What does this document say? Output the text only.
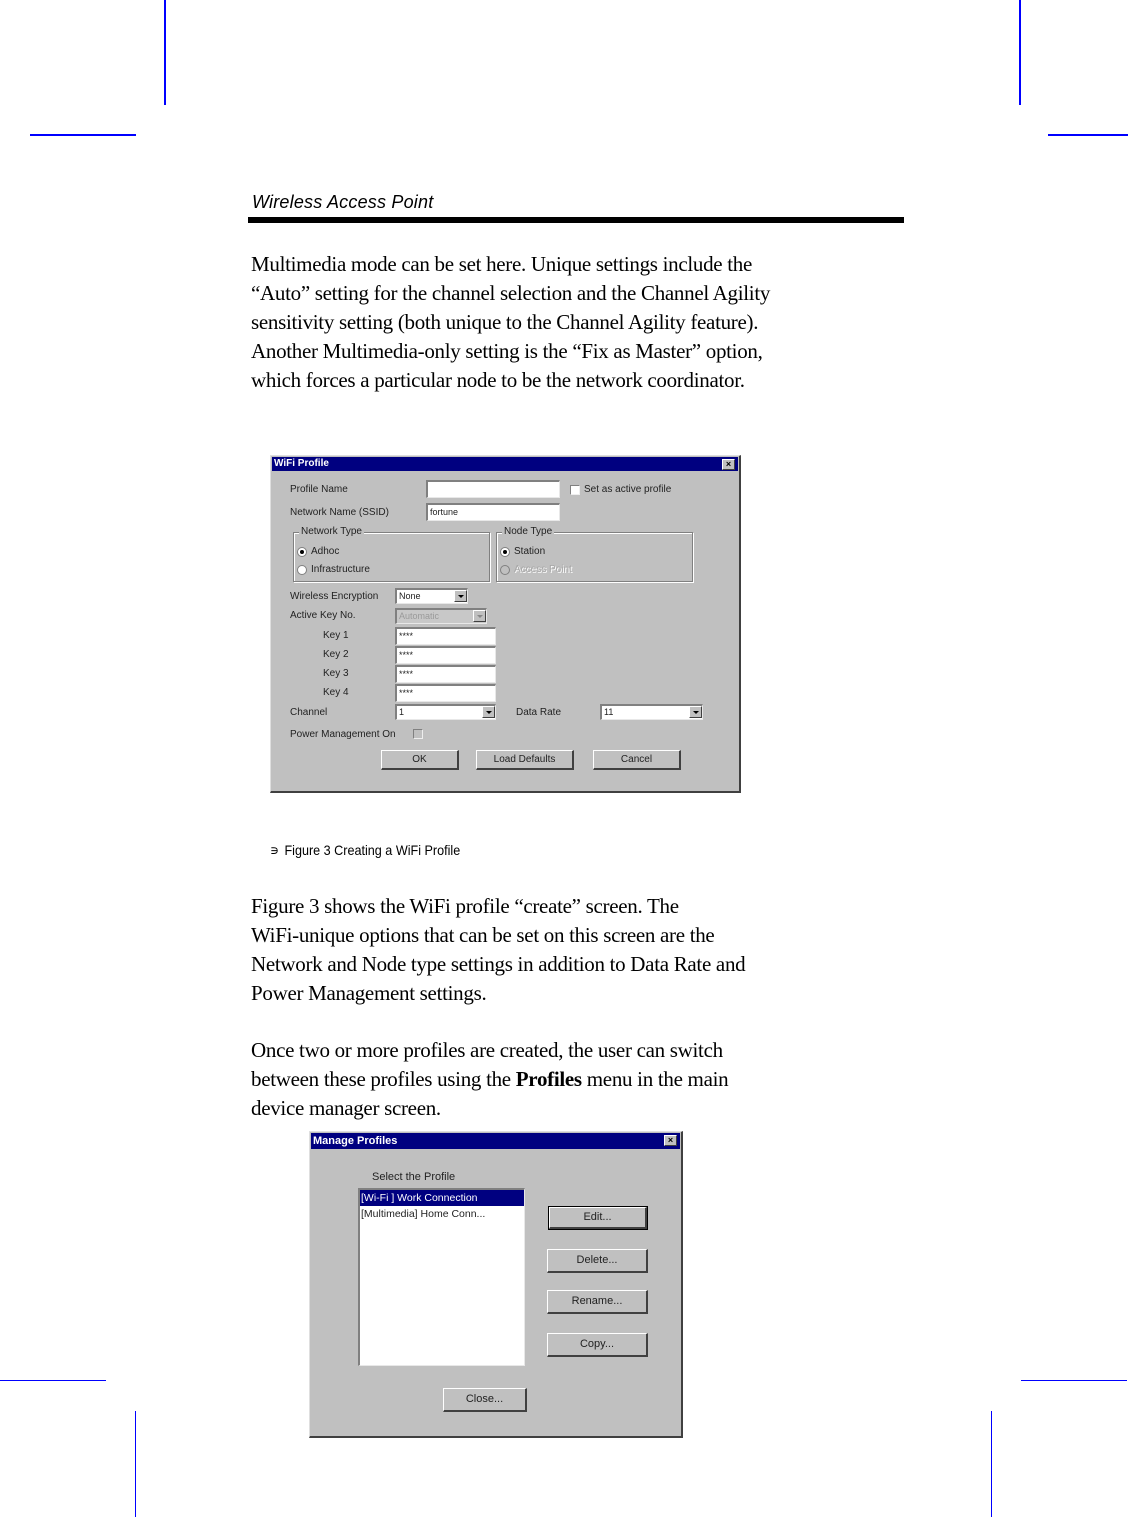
Wireless Access Point
Multimedia mode can be set here. Unique settings include the
“Auto” setting for the channel selection and the Channel Agility
sensitivity setting (both unique to the Channel Agility feature).
Another Multimedia-only setting is the “Fix as Master” option,
which forces a particular node to be the network coordinator.
WiFi Profile	×
Profile Name	Set as active profile
Network Name (SSID)	fortune
Network Type
Adhoc
Infrastructure
Node Type
Station
Access Point
Wireless Encryption	None
Active Key No.	Automatic
Key 1	****
Key 2	****
Key 3	****
Key 4	****
Channel	1	Data Rate	11
Power Management On
OK	Load Defaults	Cancel
∍ Figure 3 Creating a WiFi Profile
Figure 3 shows the WiFi profile “create” screen. The
WiFi-unique options that can be set on this screen are the
Network and Node type settings in addition to Data Rate and
Power Management settings.
Once two or more profiles are created, the user can switch
between these profiles using the Profiles menu in the main
device manager screen.
Manage Profiles	×
Select the Profile
[Wi-Fi ] Work Connection
[Multimedia] Home Conn...	Edit...
Delete...
Rename...
Copy...
Close...
